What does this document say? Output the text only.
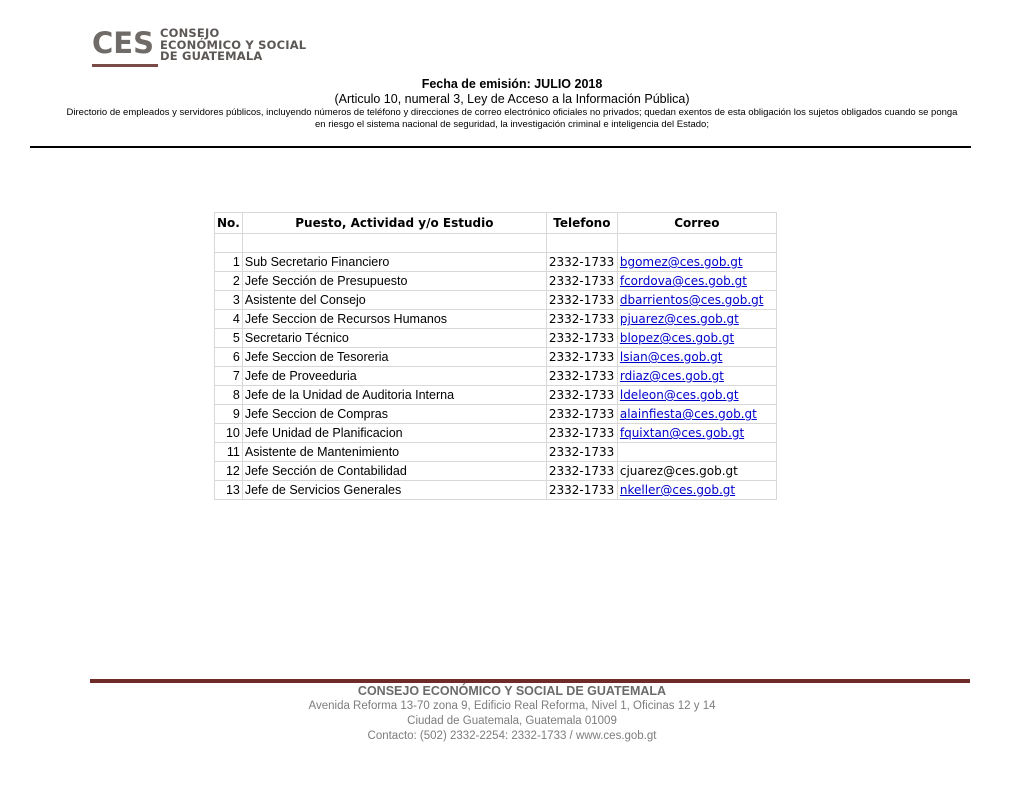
CES CONSEJO
ECONÓMICO Y SOCIAL
DE GUATEMALA
Fecha de emisión: JULIO 2018
(Articulo 10, numeral 3, Ley de Acceso a la Información Pública)
Directorio de empleados y servidores públicos, incluyendo números de teléfono y direcciones de correo electrónico oficiales no privados; quedan exentos de esta obligación los sujetos obligados cuando se ponga en riesgo el sistema nacional de seguridad, la investigación criminal e inteligencia del Estado;
No.	Puesto, Actividad y/o Estudio	Telefono	Correo

1	Sub Secretario Financiero	2332-1733	bgomez@ces.gob.gt
2	Jefe Sección de Presupuesto	2332-1733	fcordova@ces.gob.gt
3	Asistente del Consejo	2332-1733	dbarrientos@ces.gob.gt
4	Jefe Seccion de Recursos Humanos	2332-1733	pjuarez@ces.gob.gt
5	Secretario Técnico	2332-1733	blopez@ces.gob.gt
6	Jefe Seccion de Tesoreria	2332-1733	lsian@ces.gob.gt
7	Jefe de Proveeduria	2332-1733	rdiaz@ces.gob.gt
8	Jefe de la Unidad de Auditoria Interna	2332-1733	ldeleon@ces.gob.gt
9	Jefe Seccion de Compras	2332-1733	alainfiesta@ces.gob.gt
10	Jefe Unidad de Planificacion	2332-1733	fquixtan@ces.gob.gt
11	Asistente de Mantenimiento	2332-1733	
12	Jefe Sección de Contabilidad	2332-1733	cjuarez@ces.gob.gt
13	Jefe de Servicios Generales	2332-1733	nkeller@ces.gob.gt
CONSEJO ECONÓMICO Y SOCIAL DE GUATEMALA
Avenida Reforma 13-70 zona 9, Edificio Real Reforma, Nivel 1, Oficinas 12 y 14
Ciudad de Guatemala, Guatemala 01009
Contacto: (502) 2332-2254: 2332-1733 / www.ces.gob.gt
